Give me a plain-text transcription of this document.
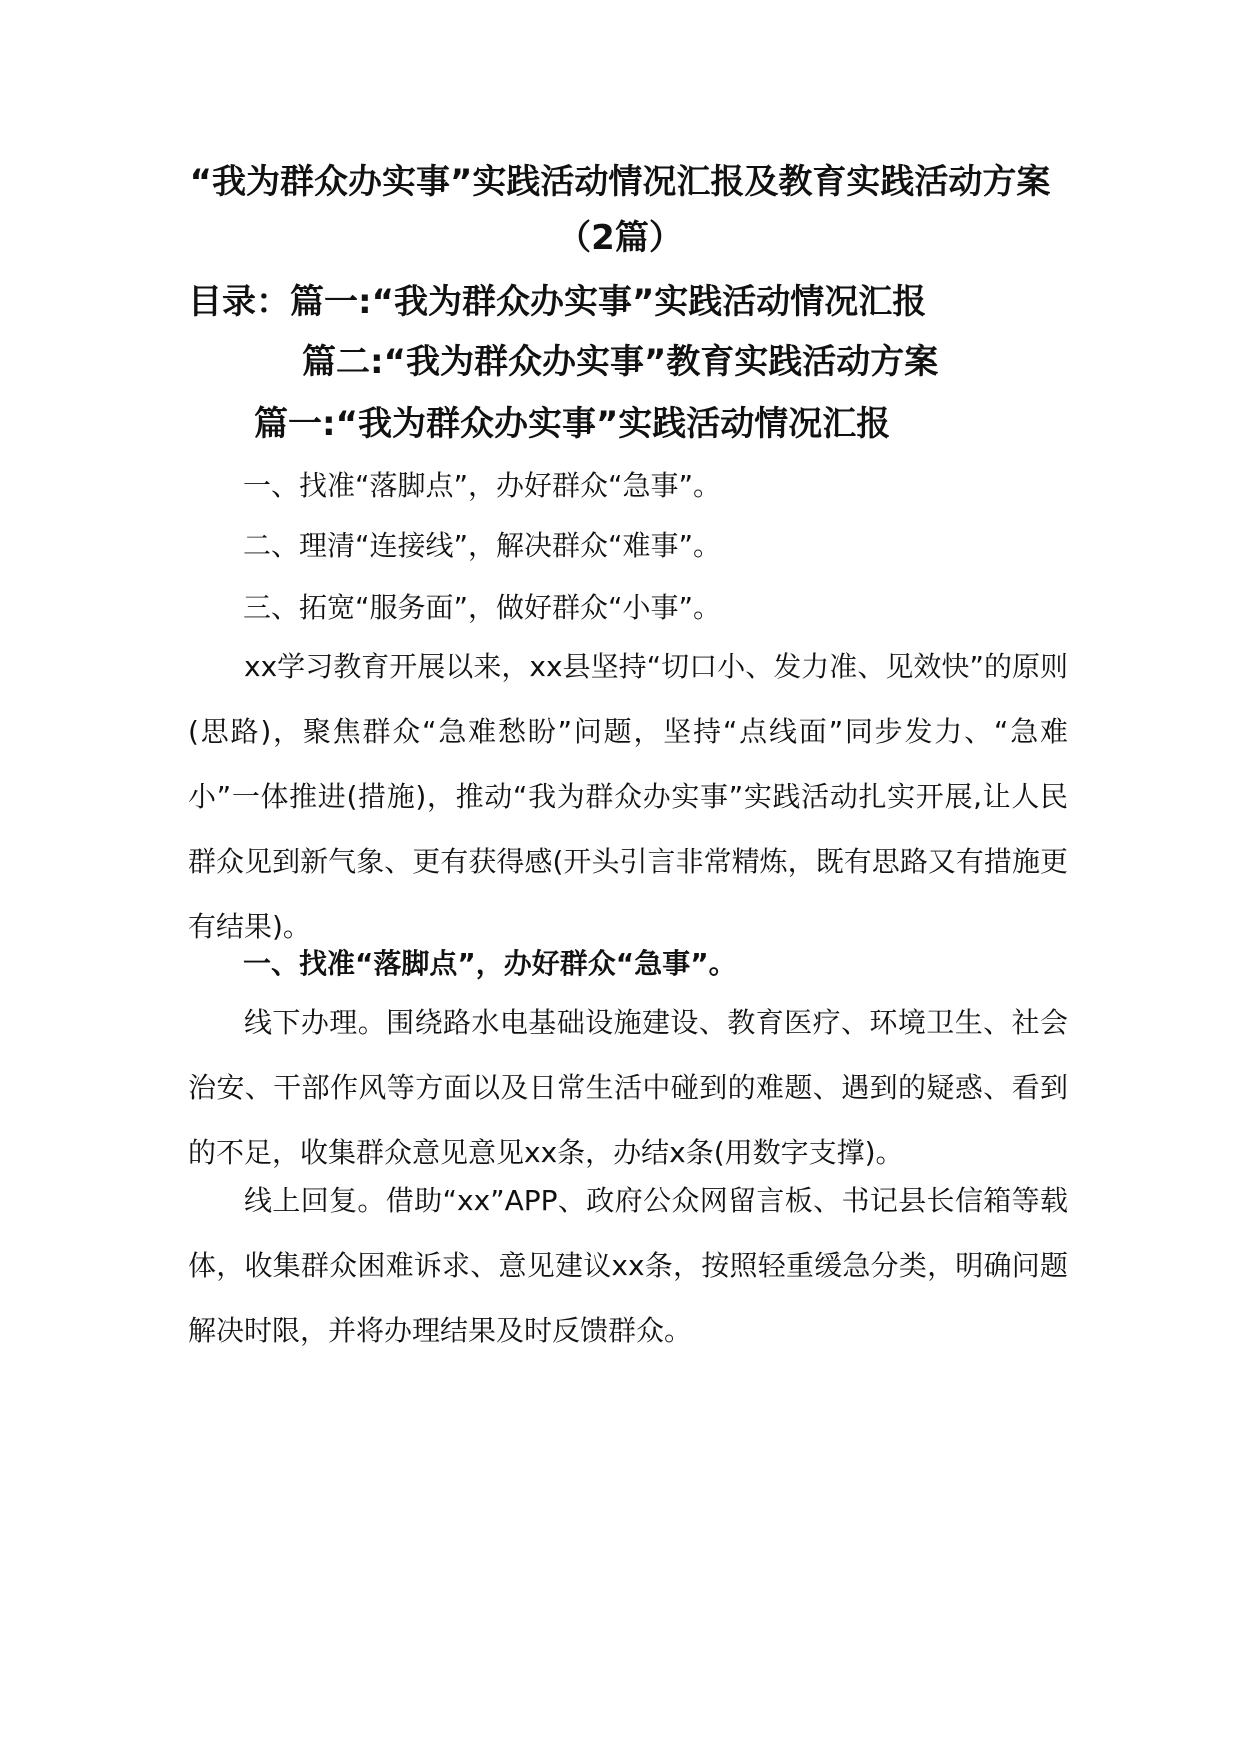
“我为群众办实事”实践活动情况汇报及教育实践活动方案
（2篇）
目录：篇一:“我为群众办实事”实践活动情况汇报
篇二:“我为群众办实事”教育实践活动方案
篇一:“我为群众办实事”实践活动情况汇报
一、找准“落脚点”，办好群众“急事”。
二、理清“连接线”，解决群众“难事”。
三、拓宽“服务面”，做好群众“小事”。

xx学习教育开展以来，xx县坚持“切口小、发力准、见效快”的原则(思路)，聚焦群众“急难愁盼”问题，坚持“点线面”同步发力、“急难小”一体推进(措施)，推动“我为群众办实事”实践活动扎实开展,让人民群众见到新气象、更有获得感(开头引言非常精炼，既有思路又有措施更有结果)。

一、找准“落脚点”，办好群众“急事”。

线下办理。围绕路水电基础设施建设、教育医疗、环境卫生、社会治安、干部作风等方面以及日常生活中碰到的难题、遇到的疑惑、看到的不足，收集群众意见意见xx条，办结x条(用数字支撑)。

线上回复。借助“xx”APP、政府公众网留言板、书记县长信箱等载体，收集群众困难诉求、意见建议xx条，按照轻重缓急分类，明确问题解决时限，并将办理结果及时反馈群众。
